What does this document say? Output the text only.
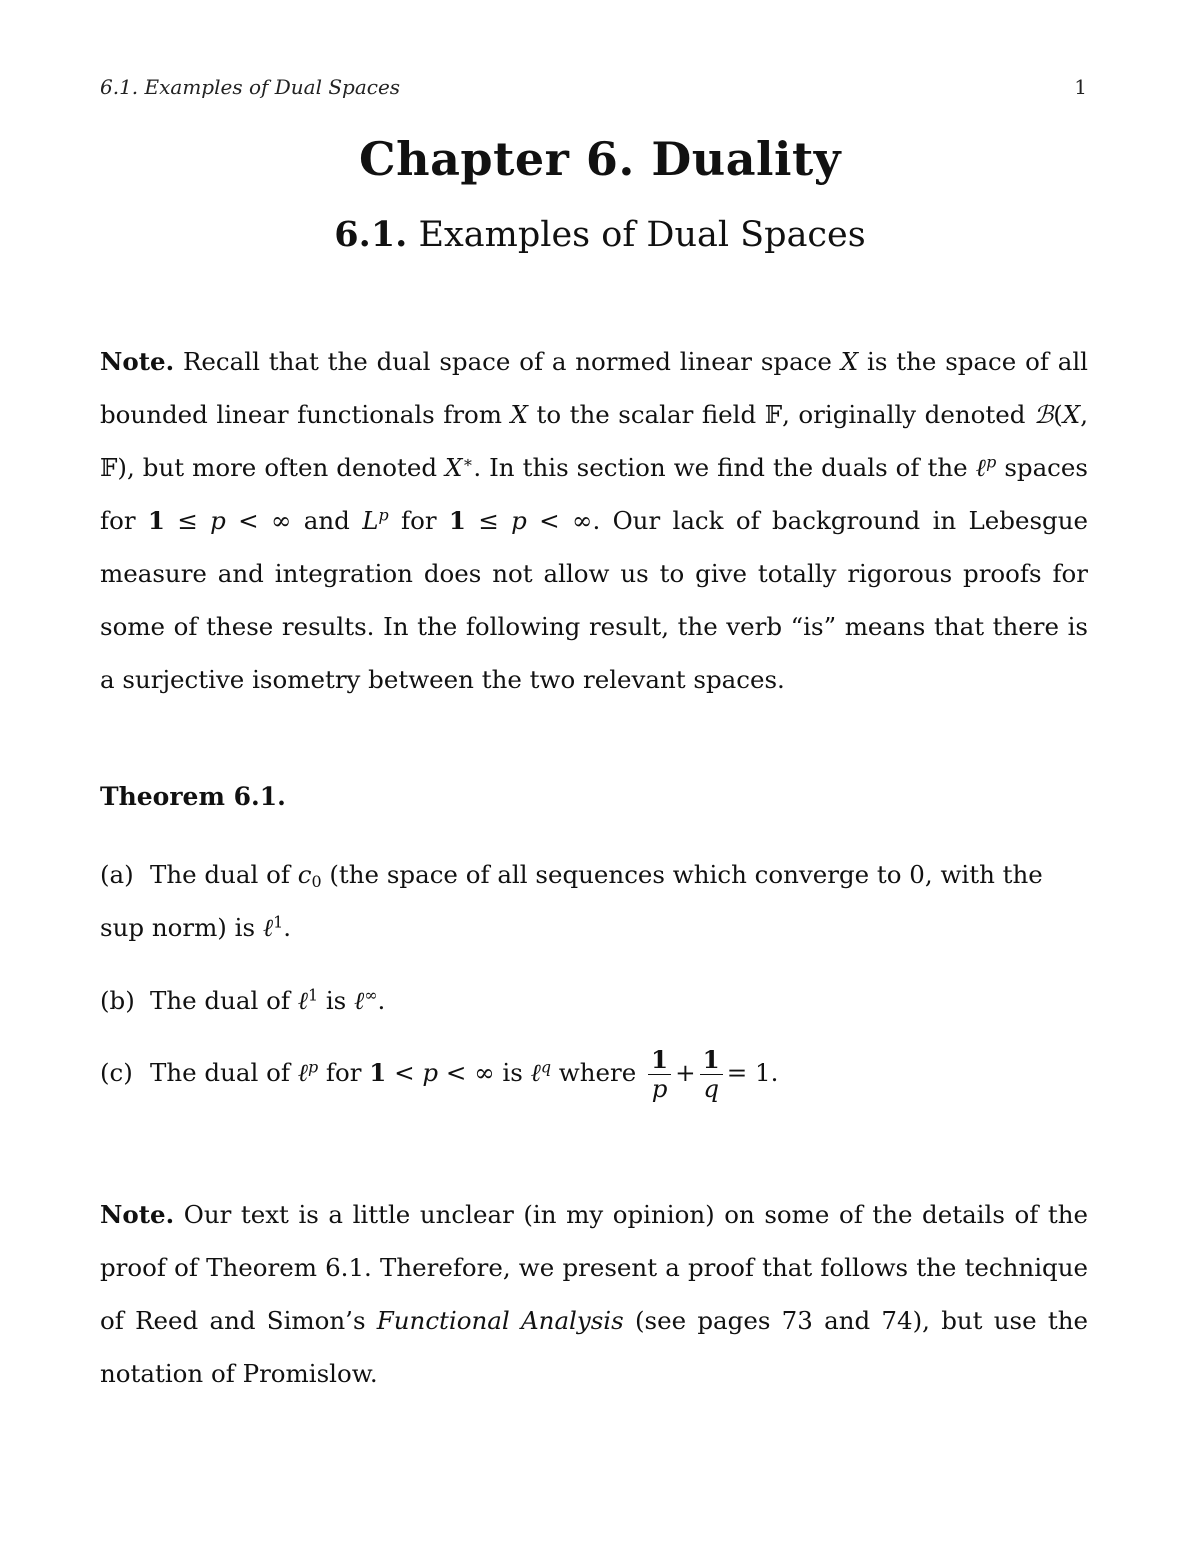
6.1. Examples of Dual Spaces	1
Chapter 6. Duality
6.1. Examples of Dual Spaces
Note. Recall that the dual space of a normed linear space X is the space of all bounded linear functionals from X to the scalar field 𝔽, originally denoted ℬ(X, 𝔽), but more often denoted X∗. In this section we find the duals of the ℓ$^p$ spaces for 1 ≤ p < ∞ and $L^p$ for 1 ≤ p < ∞. Our lack of background in Lebesgue measure and integration does not allow us to give totally rigorous proofs for some of these results. In the following result, the verb “is” means that there is a surjective isometry between the two relevant spaces.
Theorem 6.1.
(a) The dual of $c_0$ (the space of all sequences which converge to 0, with the sup norm) is ℓ$^1$.
(b) The dual of ℓ$^1$ is ℓ∞.
(c) The dual of ℓ$^p$ for 1 < p < ∞ is ℓ$^q$ where $\frac{1}{p} + \frac{1}{q} = 1$.
Note. Our text is a little unclear (in my opinion) on some of the details of the proof of Theorem 6.1. Therefore, we present a proof that follows the technique of Reed and Simon’s Functional Analysis (see pages 73 and 74), but use the notation of Promislow.
